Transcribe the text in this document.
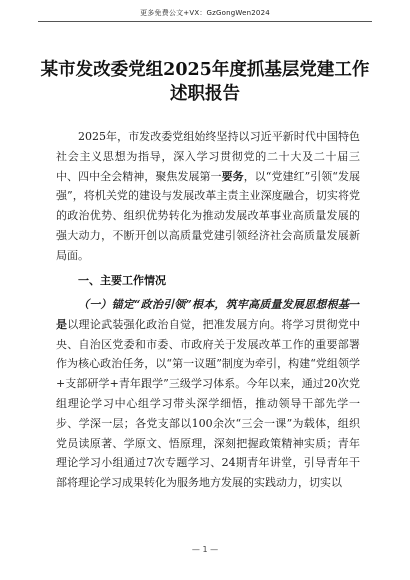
更多免费公文+VX：GzGongWen2024
某市发改委党组2025年度抓基层党建工作述职报告
2025年，市发改委党组始终坚持以习近平新时代中国特色社会主义思想为指导，深入学习贯彻党的二十大及二十届三中、四中全会精神，聚焦发展第一要务，以“党建红”引领“发展强”，将机关党的建设与发展改革主责主业深度融合，切实将党的政治优势、组织优势转化为推动发展改革事业高质量发展的强大动力，不断开创以高质量党建引领经济社会高质量发展新局面。
一、主要工作情况
（一）锚定“政治引领”根本，筑牢高质量发展思想根基一是以理论武装强化政治自觉，把准发展方向。将学习贯彻党中央、自治区党委和市委、市政府关于发展改革工作的重要部署作为核心政治任务，以“第一议题”制度为牵引，构建“党组领学+支部研学+青年跟学”三级学习体系。今年以来，通过20次党组理论学习中心组学习带头深学细悟，推动领导干部先学一步、学深一层；各党支部以100余次“三会一课”为载体，组织党员读原著、学原文、悟原理，深刻把握政策精神实质；青年理论学习小组通过7次专题学习、24期青年讲堂，引导青年干部将理论学习成果转化为服务地方发展的实践动力，切实以
— 1 —
